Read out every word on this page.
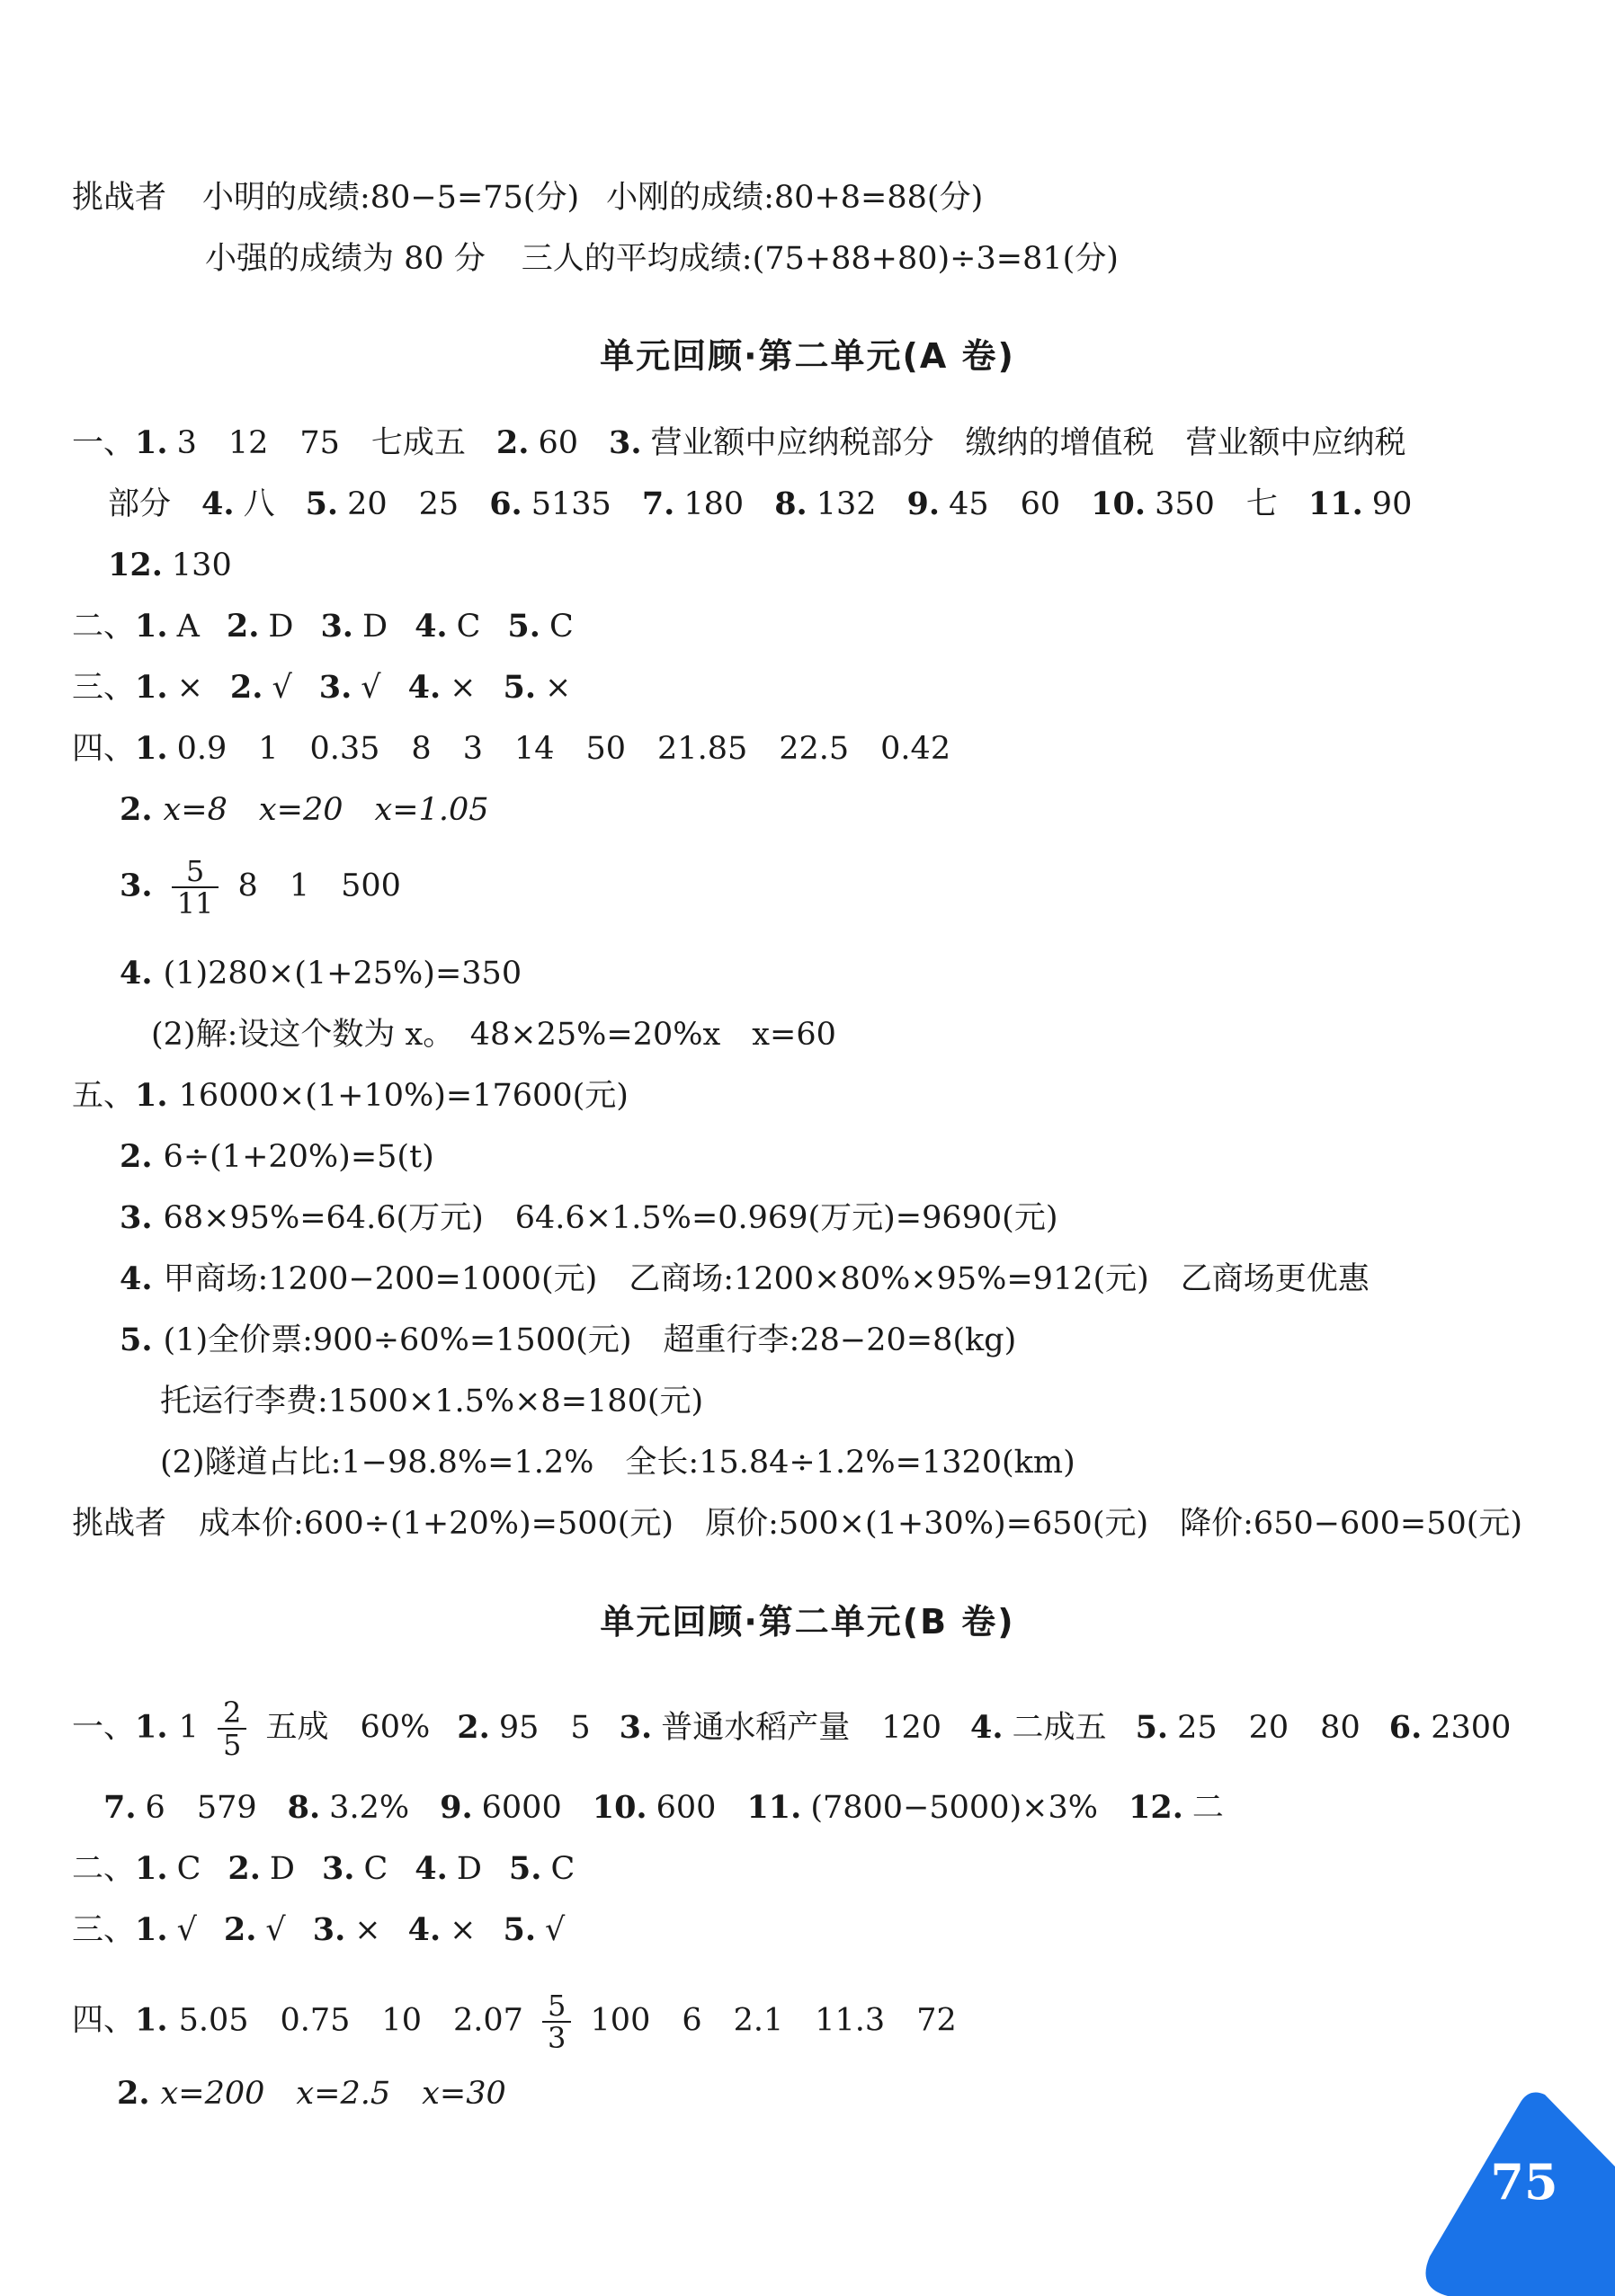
挑战者 小明的成绩:80−5=75(分) 小刚的成绩:80+8=88(分)
小强的成绩为 80 分 三人的平均成绩:(75+88+80)÷3=81(分)
单元回顾·第二单元(A 卷)
一、1. 3　12　75　七成五 2. 60 3. 营业额中应纳税部分　缴纳的增值税　营业额中应纳税
部分 4. 八 5. 20　25 6. 5135 7. 180 8. 132 9. 45　60 10. 350　七 11. 90
12. 130
二、1. A 2. D 3. D 4. C 5. C
三、1. × 2. √ 3. √ 4. × 5. ×
四、1. 0.9　1　0.35　8　3　14　50　21.85　22.5　0.42
2. x=8　x=20　x=1.05
3. $\frac{5}{11} 8$　1　500
4. (1)280×(1+25%)=350
(2)解:设这个数为 x。　48×25%=20%x　x=60
五、1. 16000×(1+10%)=17600(元)
2. 6÷(1+20%)=5(t)
3. 68×95%=64.6(万元)　64.6×1.5%=0.969(万元)=9690(元)
4. 甲商场:1200−200=1000(元)　乙商场:1200×80%×95%=912(元)　乙商场更优惠
5. (1)全价票:900÷60%=1500(元)　超重行李:28−20=8(kg)
托运行李费:1500×1.5%×8=180(元)
(2)隧道占比:1−98.8%=1.2%　全长:15.84÷1.2%=1320(km)
挑战者 成本价:600÷(1+20%)=500(元)　原价:500×(1+30%)=650(元)　降价:650−600=50(元)
单元回顾·第二单元(B 卷)
一、1. $1 \frac{2}{5}$ 五成　60% 2. 95　5 3. 普通水稻产量　120 4. 二成五 5. 25　20　80 6. 2300
7. 6　579 8. 3.2% 9. 6000 10. 600 11. (7800−5000)×3% 12. 二
二、1. C 2. D 3. C 4. D 5. C
三、1. √ 2. √ 3. × 4. × 5. √
四、1. 5.05　0.75　10　$2.07 \frac{5}{3} 100$　6　2.1　11.3　72
2. x=200　x=2.5　x=30
75
